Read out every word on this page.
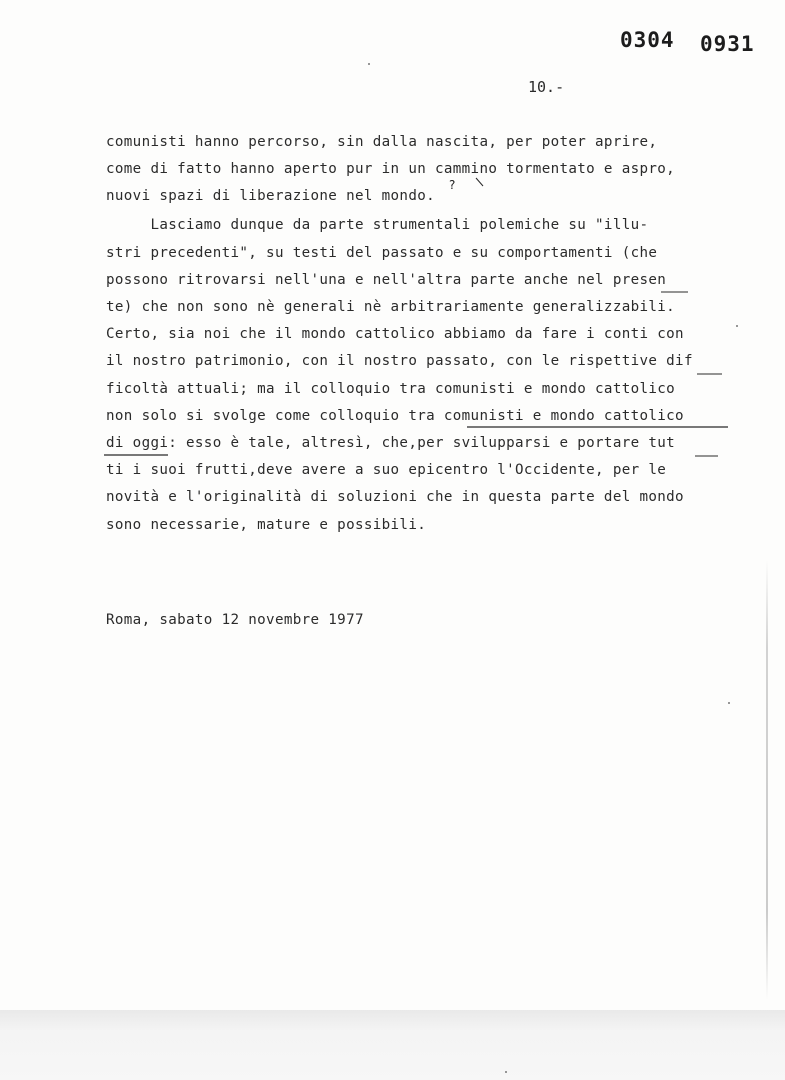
0304 0931
10.-
comunisti hanno percorso, sin dalla nascita, per poter aprire,
come di fatto hanno aperto pur in un cammino tormentato e aspro,
nuovi spazi di liberazione nel mondo.
?
Lasciamo dunque da parte strumentali polemiche su "illu-
stri precedenti", su testi del passato e su comportamenti (che
possono ritrovarsi nell'una e nell'altra parte anche nel presen
te) che non sono nè generali nè arbitrariamente generalizzabili.
Certo, sia noi che il mondo cattolico abbiamo da fare i conti con
il nostro patrimonio, con il nostro passato, con le rispettive dif
ficoltà attuali; ma il colloquio tra comunisti e mondo cattolico
non solo si svolge come colloquio tra comunisti e mondo cattolico
di oggi: esso è tale, altresì, che,per svilupparsi e portare tut
ti i suoi frutti,deve avere a suo epicentro l'Occidente, per le
novità e l'originalità di soluzioni che in questa parte del mondo
sono necessarie, mature e possibili.
Roma, sabato 12 novembre 1977
